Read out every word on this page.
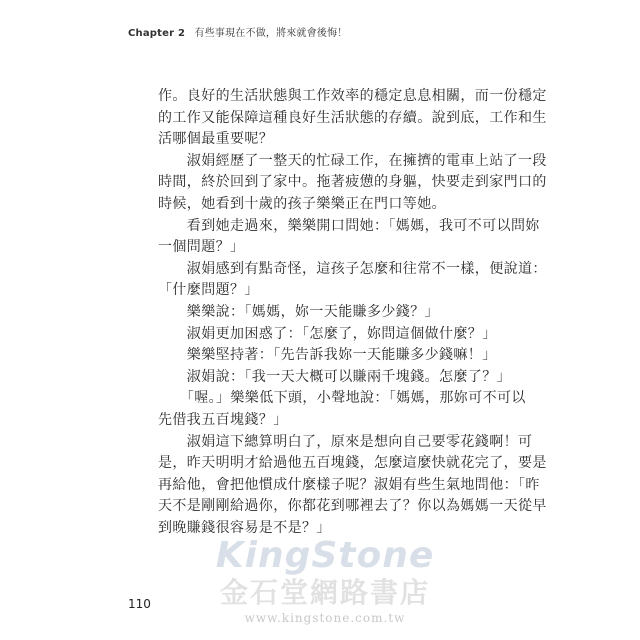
Chapter 2 有些事現在不做，將來就會後悔！
作。良好的生活狀態與工作效率的穩定息息相關，而一份穩定
的工作又能保障這種良好生活狀態的存續。說到底，工作和生
活哪個最重要呢？
　　淑娟經歷了一整天的忙碌工作，在擁擠的電車上站了一段
時間，終於回到了家中。拖著疲憊的身軀，快要走到家門口的
時候，她看到十歲的孩子樂樂正在門口等她。
　　看到她走過來，樂樂開口問她：「媽媽，我可不可以問妳
一個問題？」
　　淑娟感到有點奇怪，這孩子怎麼和往常不一樣，便說道：
「什麼問題？」
　　樂樂說：「媽媽，妳一天能賺多少錢？」
　　淑娟更加困惑了：「怎麼了，妳問這個做什麼？」
　　樂樂堅持著：「先告訴我妳一天能賺多少錢嘛！」
　　淑娟說：「我一天大概可以賺兩千塊錢。怎麼了？」
　　「喔。」樂樂低下頭，小聲地說：「媽媽，那妳可不可以
先借我五百塊錢？」
　　淑娟這下總算明白了，原來是想向自己要零花錢啊！可
是，昨天明明才給過他五百塊錢，怎麼這麼快就花完了，要是
再給他，會把他慣成什麼樣子呢？淑娟有些生氣地問他：「昨
天不是剛剛給過你，你都花到哪裡去了？你以為媽媽一天從早
到晚賺錢很容易是不是？」
KingStone
金石堂網路書店
www.kingstone.com.tw
110
